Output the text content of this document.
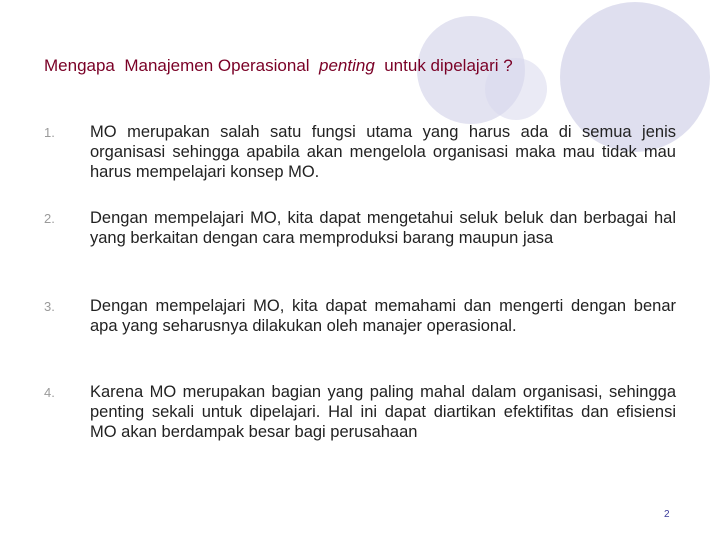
Mengapa  Manajemen Operasional  penting  untuk dipelajari ?
1. MO merupakan salah satu fungsi utama yang harus ada di semua jenis organisasi sehingga apabila akan mengelola organisasi maka mau tidak mau harus mempelajari konsep MO.
2. Dengan mempelajari MO, kita dapat mengetahui seluk beluk dan berbagai hal yang berkaitan dengan cara memproduksi barang maupun jasa
3. Dengan mempelajari MO, kita dapat memahami dan mengerti dengan benar apa yang seharusnya dilakukan oleh manajer operasional.
4. Karena MO merupakan bagian yang paling mahal dalam organisasi, sehingga penting sekali untuk dipelajari. Hal ini dapat diartikan efektifitas dan efisiensi MO akan berdampak besar bagi perusahaan
2
